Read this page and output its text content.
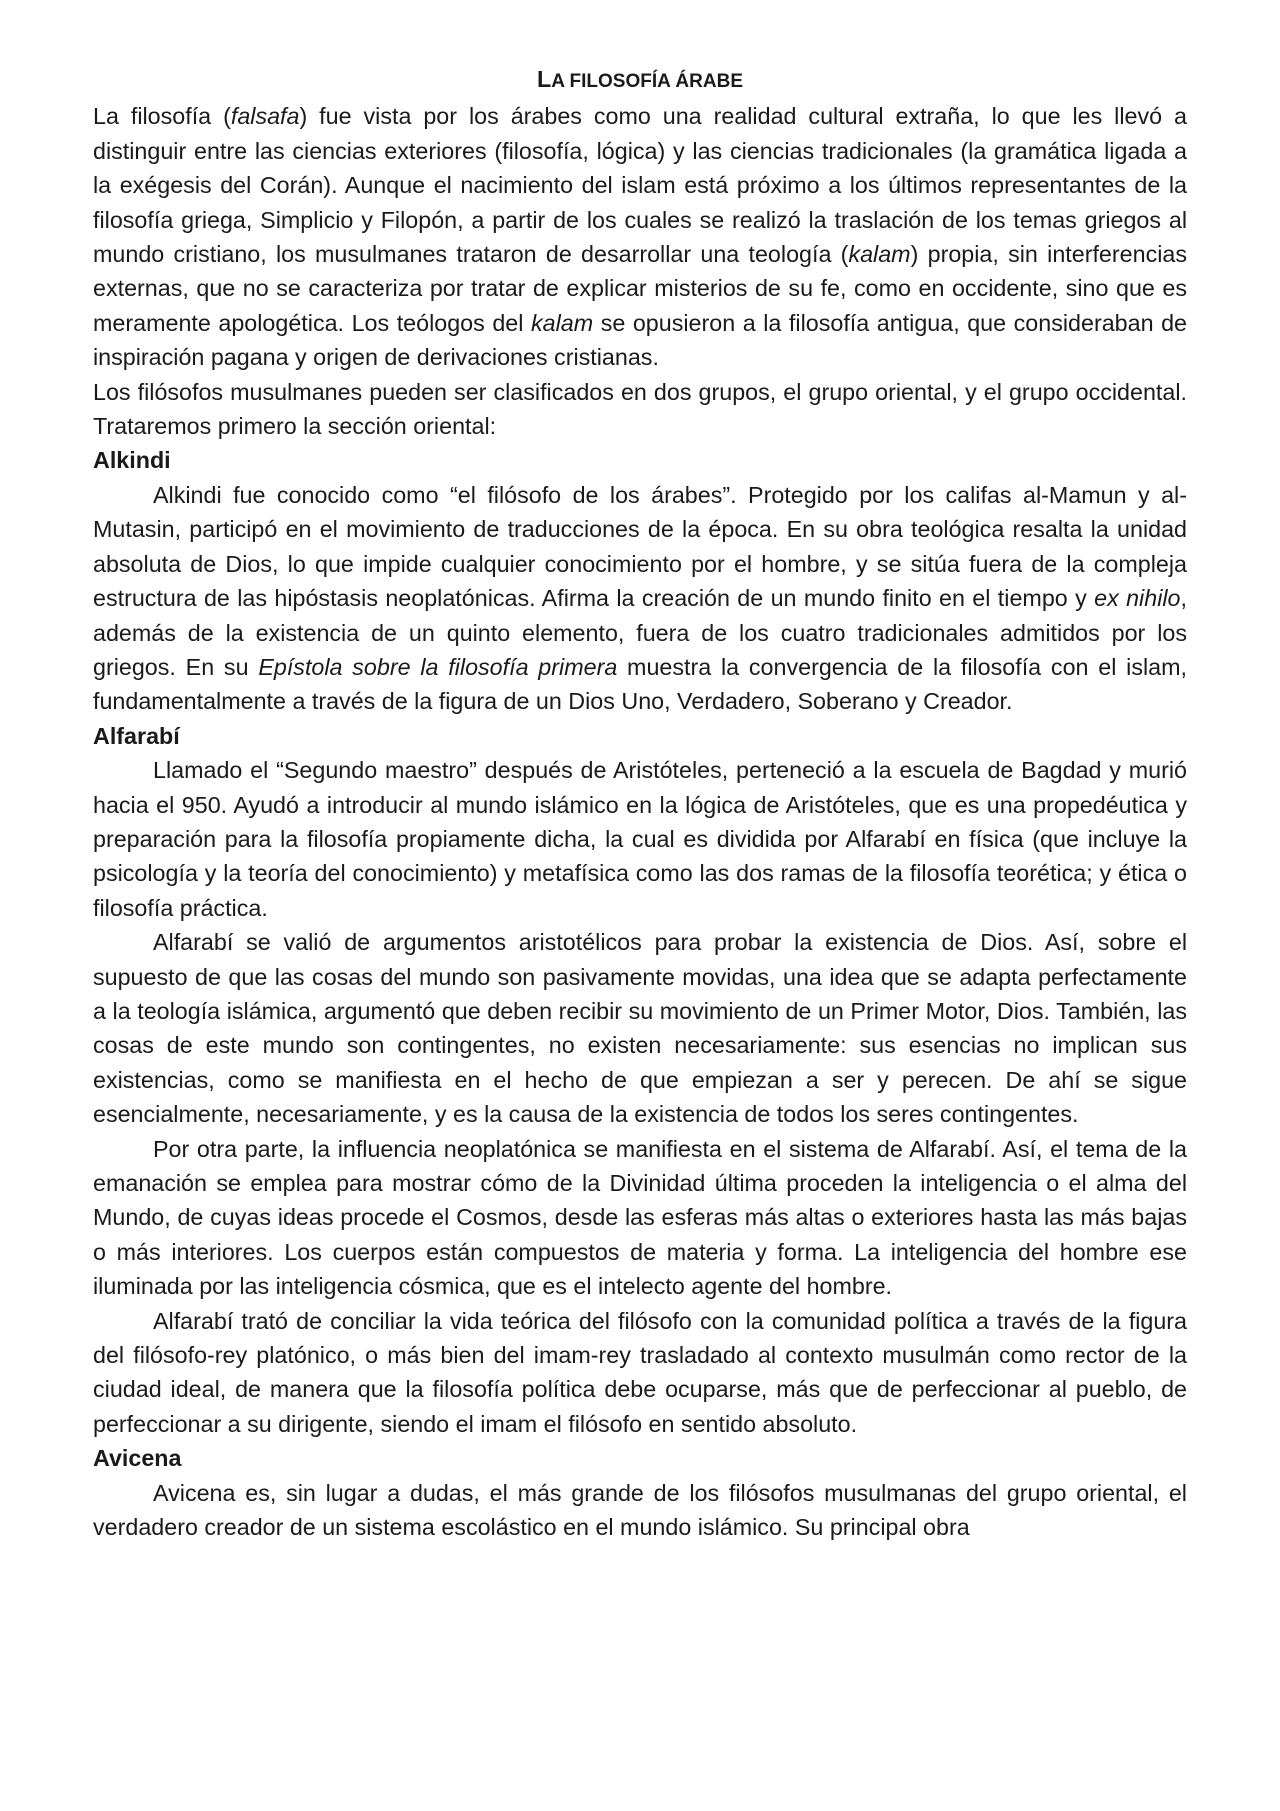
LA FILOSOFÍA ÁRABE

La filosofía (falsafa) fue vista por los árabes como una realidad cultural extraña, lo que les llevó a distinguir entre las ciencias exteriores (filosofía, lógica) y las ciencias tradicionales (la gramática ligada a la exégesis del Corán). Aunque el nacimiento del islam está próximo a los últimos representantes de la filosofía griega, Simplicio y Filopón, a partir de los cuales se realizó la traslación de los temas griegos al mundo cristiano, los musulmanes trataron de desarrollar una teología (kalam) propia, sin interferencias externas, que no se caracteriza por tratar de explicar misterios de su fe, como en occidente, sino que es meramente apologética. Los teólogos del kalam se opusieron a la filosofía antigua, que consideraban de inspiración pagana y origen de derivaciones cristianas.

Los filósofos musulmanes pueden ser clasificados en dos grupos, el grupo oriental, y el grupo occidental. Trataremos primero la sección oriental:

Alkindi

Alkindi fue conocido como “el filósofo de los árabes”. Protegido por los califas al-Mamun y al-Mutasin, participó en el movimiento de traducciones de la época. En su obra teológica resalta la unidad absoluta de Dios, lo que impide cualquier conocimiento por el hombre, y se sitúa fuera de la compleja estructura de las hipóstasis neoplatónicas. Afirma la creación de un mundo finito en el tiempo y ex nihilo, además de la existencia de un quinto elemento, fuera de los cuatro tradicionales admitidos por los griegos. En su Epístola sobre la filosofía primera muestra la convergencia de la filosofía con el islam, fundamentalmente a través de la figura de un Dios Uno, Verdadero, Soberano y Creador.

Alfarabí

Llamado el “Segundo maestro” después de Aristóteles, perteneció a la escuela de Bagdad y murió hacia el 950. Ayudó a introducir al mundo islámico en la lógica de Aristóteles, que es una propedéutica y preparación para la filosofía propiamente dicha, la cual es dividida por Alfarabí en física (que incluye la psicología y la teoría del conocimiento) y metafísica como las dos ramas de la filosofía teorética; y ética o filosofía práctica.

Alfarabí se valió de argumentos aristotélicos para probar la existencia de Dios. Así, sobre el supuesto de que las cosas del mundo son pasivamente movidas, una idea que se adapta perfectamente a la teología islámica, argumentó que deben recibir su movimiento de un Primer Motor, Dios. También, las cosas de este mundo son contingentes, no existen necesariamente: sus esencias no implican sus existencias, como se manifiesta en el hecho de que empiezan a ser y perecen. De ahí se sigue esencialmente, necesariamente, y es la causa de la existencia de todos los seres contingentes.

Por otra parte, la influencia neoplatónica se manifiesta en el sistema de Alfarabí. Así, el tema de la emanación se emplea para mostrar cómo de la Divinidad última proceden la inteligencia o el alma del Mundo, de cuyas ideas procede el Cosmos, desde las esferas más altas o exteriores hasta las más bajas o más interiores. Los cuerpos están compuestos de materia y forma. La inteligencia del hombre ese iluminada por las inteligencia cósmica, que es el intelecto agente del hombre.

Alfarabí trató de conciliar la vida teórica del filósofo con la comunidad política a través de la figura del filósofo-rey platónico, o más bien del imam-rey trasladado al contexto musulmán como rector de la ciudad ideal, de manera que la filosofía política debe ocuparse, más que de perfeccionar al pueblo, de perfeccionar a su dirigente, siendo el imam el filósofo en sentido absoluto.

Avicena

Avicena es, sin lugar a dudas, el más grande de los filósofos musulmanas del grupo oriental, el verdadero creador de un sistema escolástico en el mundo islámico. Su principal obra
